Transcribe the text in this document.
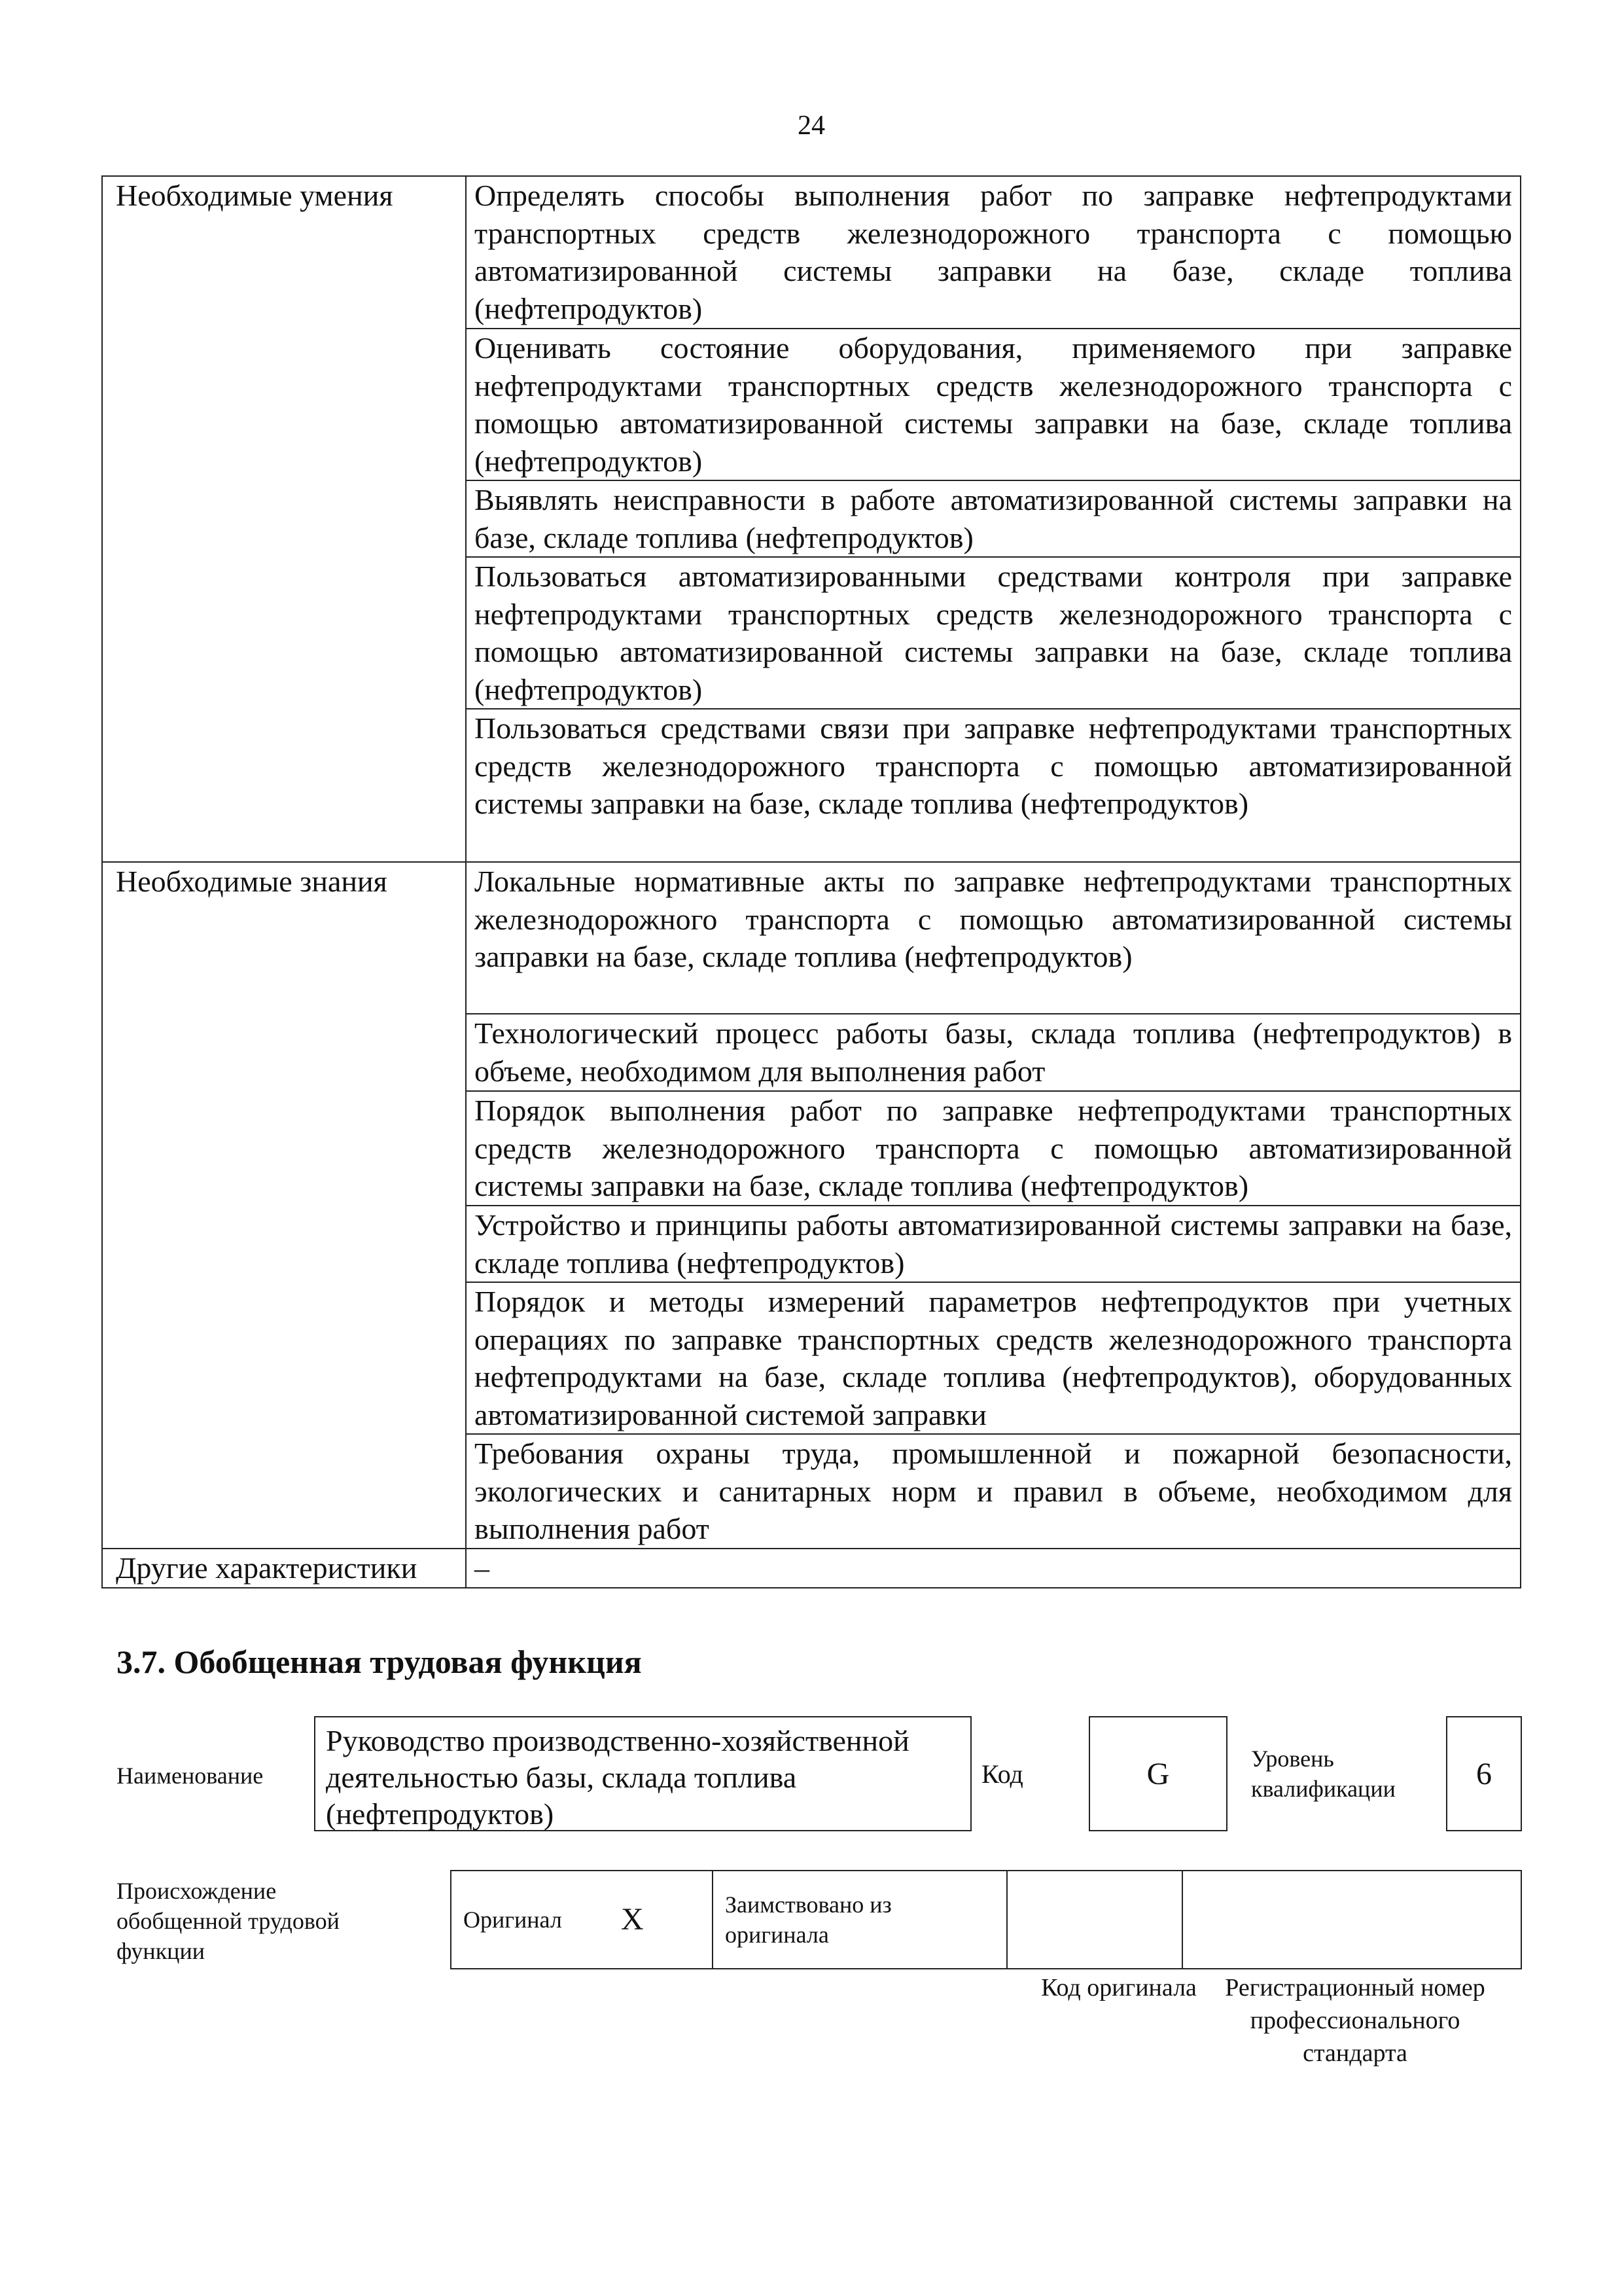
24
Необходимые умения	Определять способы выполнения работ по заправке нефтепродуктами транспортных средств железнодорожного транспорта с помощью автоматизированной системы заправки на базе, складе топлива (нефтепродуктов)
	Оценивать состояние оборудования, применяемого при заправке нефтепродуктами транспортных средств железнодорожного транспорта с помощью автоматизированной системы заправки на базе, складе топлива (нефтепродуктов)
	Выявлять неисправности в работе автоматизированной системы заправки на базе, складе топлива (нефтепродуктов)
	Пользоваться автоматизированными средствами контроля при заправке нефтепродуктами транспортных средств железнодорожного транспорта с помощью автоматизированной системы заправки на базе, складе топлива (нефтепродуктов)
	Пользоваться средствами связи при заправке нефтепродуктами транспортных средств железнодорожного транспорта с помощью автоматизированной системы заправки на базе, складе топлива (нефтепродуктов)
Необходимые знания	Локальные нормативные акты по заправке нефтепродуктами транспортных железнодорожного транспорта с помощью автоматизированной системы заправки на базе, складе топлива (нефтепродуктов)
	Технологический процесс работы базы, склада топлива (нефтепродуктов) в объеме, необходимом для выполнения работ
	Порядок выполнения работ по заправке нефтепродуктами транспортных средств железнодорожного транспорта с помощью автоматизированной системы заправки на базе, складе топлива (нефтепродуктов)
	Устройство и принципы работы автоматизированной системы заправки на базе, складе топлива (нефтепродуктов)
	Порядок и методы измерений параметров нефтепродуктов при учетных операциях по заправке транспортных средств железнодорожного транспорта нефтепродуктами на базе, складе топлива (нефтепродуктов), оборудованных автоматизированной системой заправки
	Требования охраны труда, промышленной и пожарной безопасности, экологических и санитарных норм и правил в объеме, необходимом для выполнения работ
Другие характеристики	–
3.7. Обобщенная трудовая функция
Наименование
Руководство производственно-хозяйственной деятельностью базы, склада топлива (нефтепродуктов)
Код	G	Уровень квалификации	6
Происхождение обобщенной трудовой функции
Оригинал	X	Заимствовано из оригинала		
Код оригинала	Регистрационный номер профессионального стандарта
